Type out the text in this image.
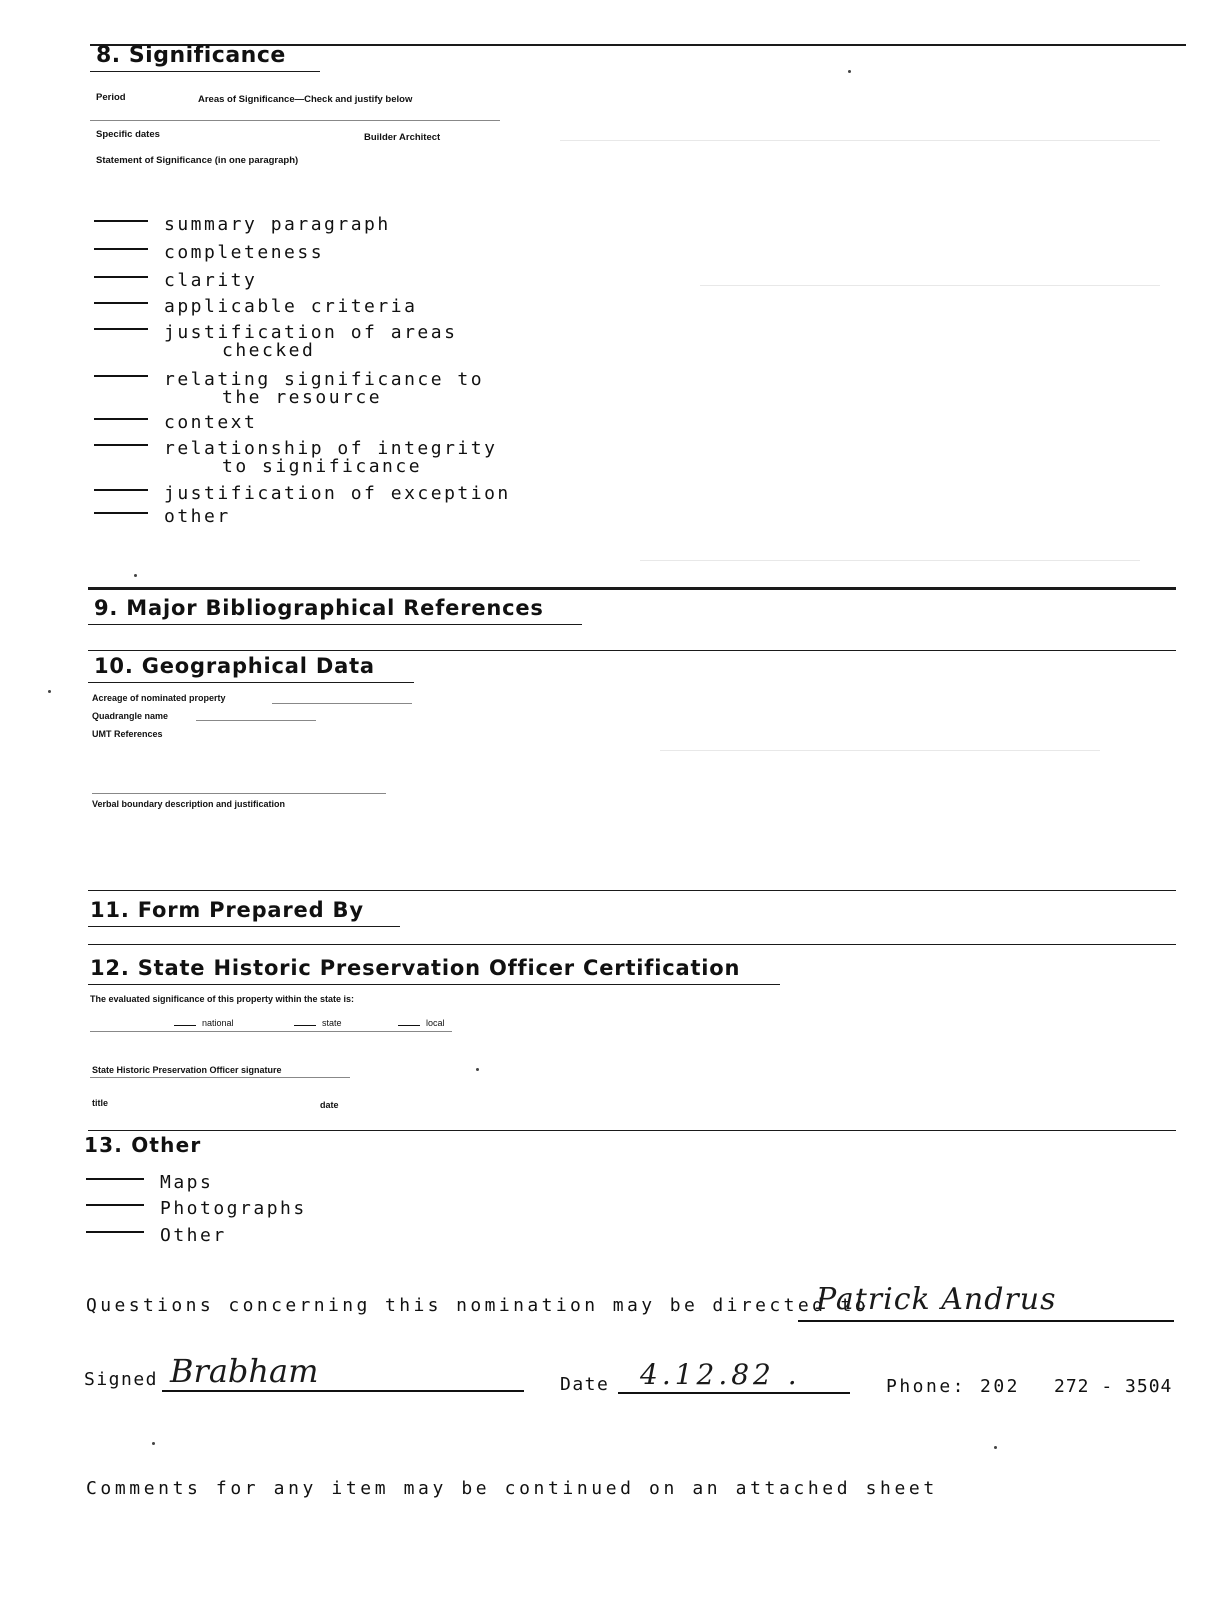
8. Significance
Period	Areas of Significance—Check and justify below
Specific dates	Builder Architect
Statement of Significance (in one paragraph)
summary paragraph
completeness
clarity
applicable criteria
justification of areas
checked
relating significance to
the resource
context
relationship of integrity
to significance
justification of exception
other
9. Major Bibliographical References
10. Geographical Data
Acreage of nominated property
Quadrangle name
UMT References
Verbal boundary description and justification
11. Form Prepared By
12. State Historic Preservation Officer Certification
The evaluated significance of this property within the state is:
national	state	local
State Historic Preservation Officer signature
title	date
13. Other
Maps
Photographs
Other
Questions concerning this nomination may be directed to
Patrick Andrus
Signed Brabham	Date 4.12.82 .	Phone: 202 272 - 3504
Comments for any item may be continued on an attached sheet
